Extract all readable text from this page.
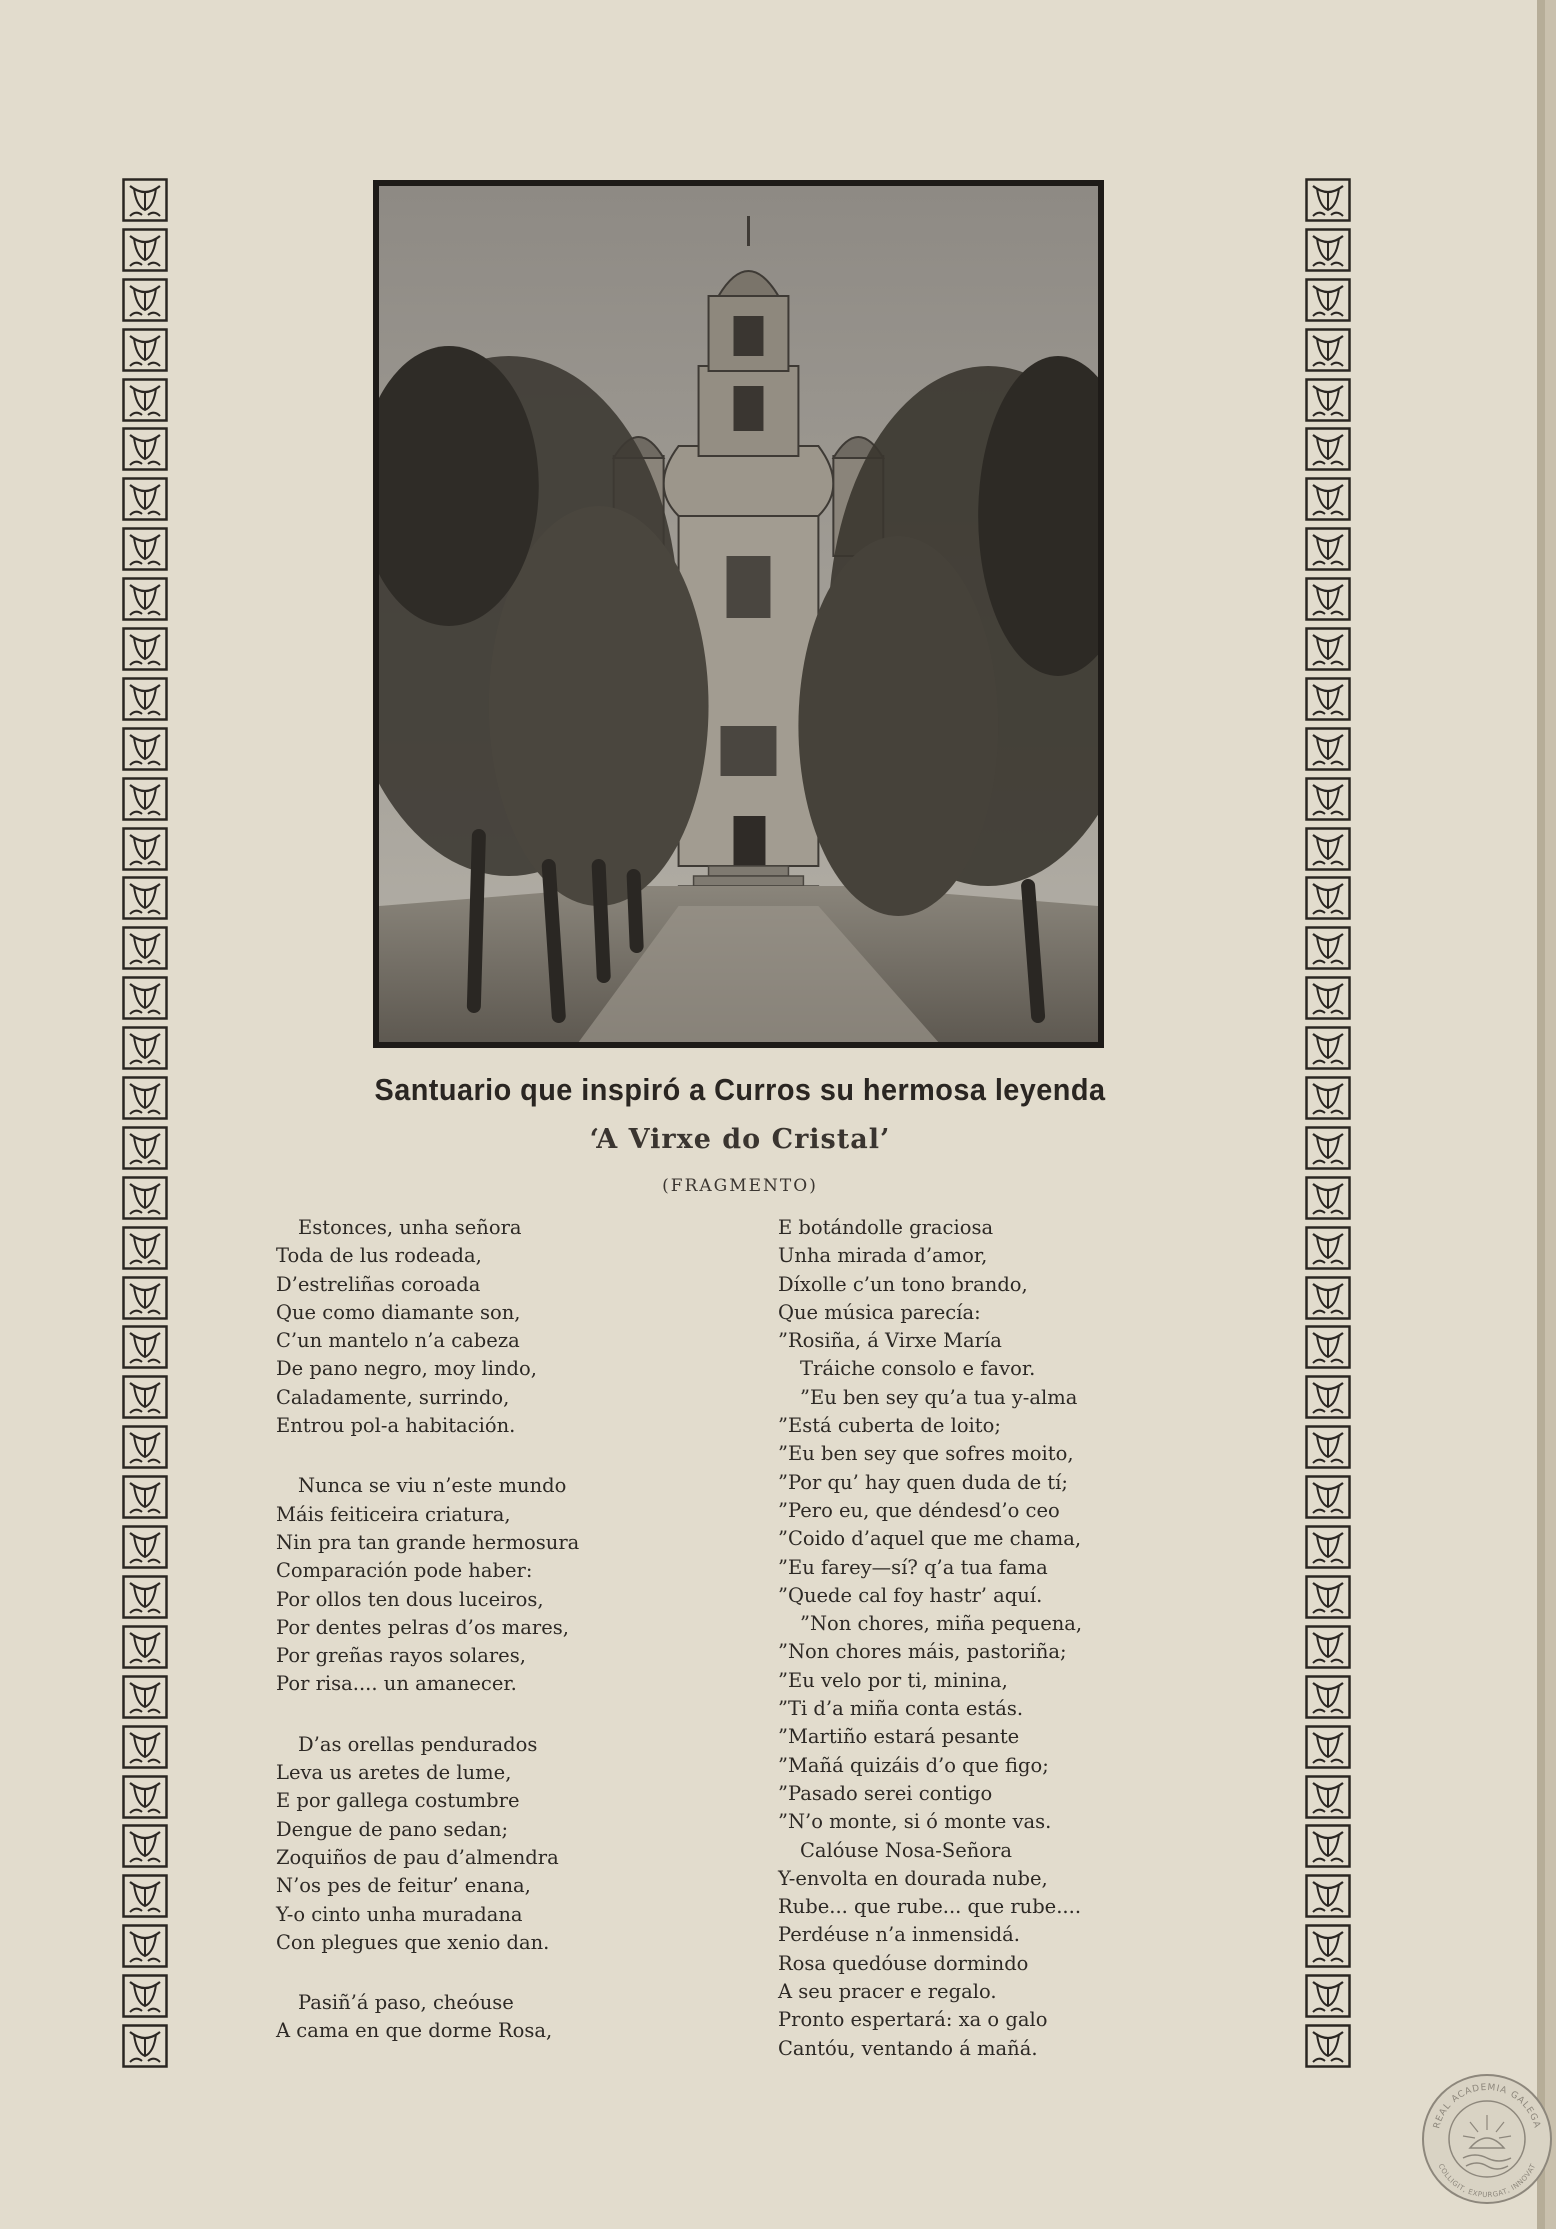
Santuario que inspiró a Curros su hermosa leyenda
‘A Virxe do Cristal’
(FRAGMENTO)
Estonces, unha señora
Toda de lus rodeada,
D’estreliñas coroada
Que como diamante son,
C’un mantelo n’a cabeza
De pano negro, moy lindo,
Caladamente, surrindo,
Entrou pol-a habitación.
Nunca se viu n’este mundo
Máis feiticeira criatura,
Nin pra tan grande hermosura
Comparación pode haber:
Por ollos ten dous luceiros,
Por dentes pelras d’os mares,
Por greñas rayos solares,
Por risa.... un amanecer.
D’as orellas pendurados
Leva us aretes de lume,
E por gallega costumbre
Dengue de pano sedan;
Zoquiños de pau d’almendra
N’os pes de feitur’ enana,
Y-o cinto unha muradana
Con plegues que xenio dan.
Pasiñ’á paso, cheóuse
A cama en que dorme Rosa,
E botándolle graciosa
Unha mirada d’amor,
Díxolle c’un tono brando,
Que música parecía:
”Rosiña, á Virxe María
Tráiche consolo e favor.
”Eu ben sey qu’a tua y-alma
”Está cuberta de loito;
”Eu ben sey que sofres moito,
”Por qu’ hay quen duda de tí;
”Pero eu, que déndesd’o ceo
”Coido d’aquel que me chama,
”Eu farey—sí? q’a tua fama
”Quede cal foy hastr’ aquí.
”Non chores, miña pequena,
”Non chores máis, pastoriña;
”Eu velo por ti, minina,
”Ti d’a miña conta estás.
”Martiño estará pesante
”Mañá quizáis d’o que figo;
”Pasado serei contigo
”N’o monte, si ó monte vas.
Calóuse Nosa-Señora
Y-envolta en dourada nube,
Rube... que rube... que rube....
Perdéuse n’a inmensidá.
Rosa quedóuse dormindo
A seu pracer e regalo.
Pronto espertará: xa o galo
Cantóu, ventando á mañá.
REAL ACADEMIA GALEGA
COLLIGIT, EXPURGAT, INNOVAT
